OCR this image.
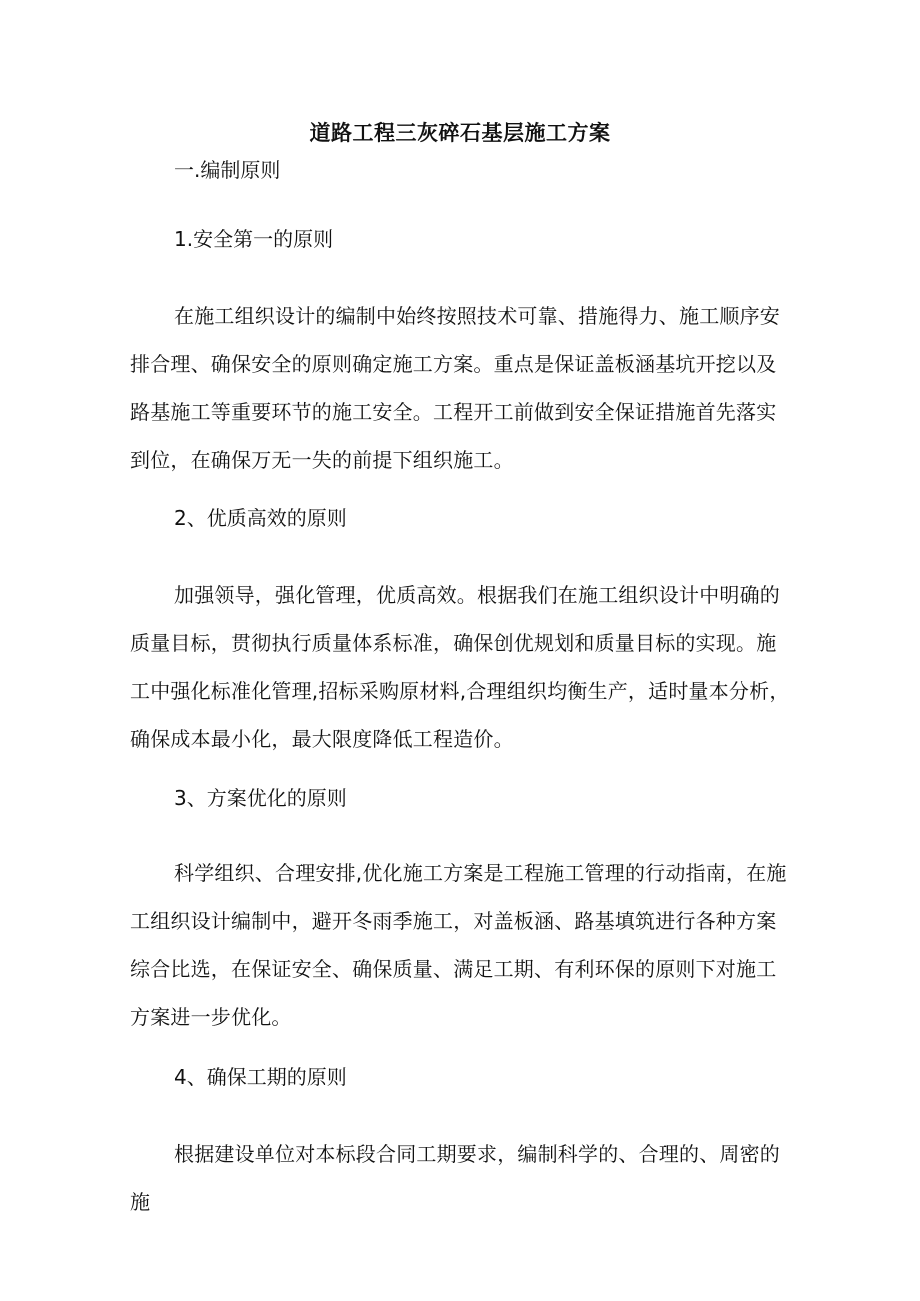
道路工程三灰碎石基层施工方案
一.编制原则
1.安全第一的原则
在施工组织设计的编制中始终按照技术可靠、措施得力、施工顺序安排合理、确保安全的原则确定施工方案。重点是保证盖板涵基坑开挖以及路基施工等重要环节的施工安全。工程开工前做到安全保证措施首先落实到位，在确保万无一失的前提下组织施工。
2、优质高效的原则
加强领导，强化管理，优质高效。根据我们在施工组织设计中明确的质量目标，贯彻执行质量体系标准，确保创优规划和质量目标的实现。施工中强化标准化管理,招标采购原材料,合理组织均衡生产，适时量本分析，确保成本最小化，最大限度降低工程造价。
3、方案优化的原则
科学组织、合理安排,优化施工方案是工程施工管理的行动指南，在施工组织设计编制中，避开冬雨季施工，对盖板涵、路基填筑进行各种方案综合比选，在保证安全、确保质量、满足工期、有利环保的原则下对施工方案进一步优化。
4、确保工期的原则
根据建设单位对本标段合同工期要求，编制科学的、合理的、周密的施
